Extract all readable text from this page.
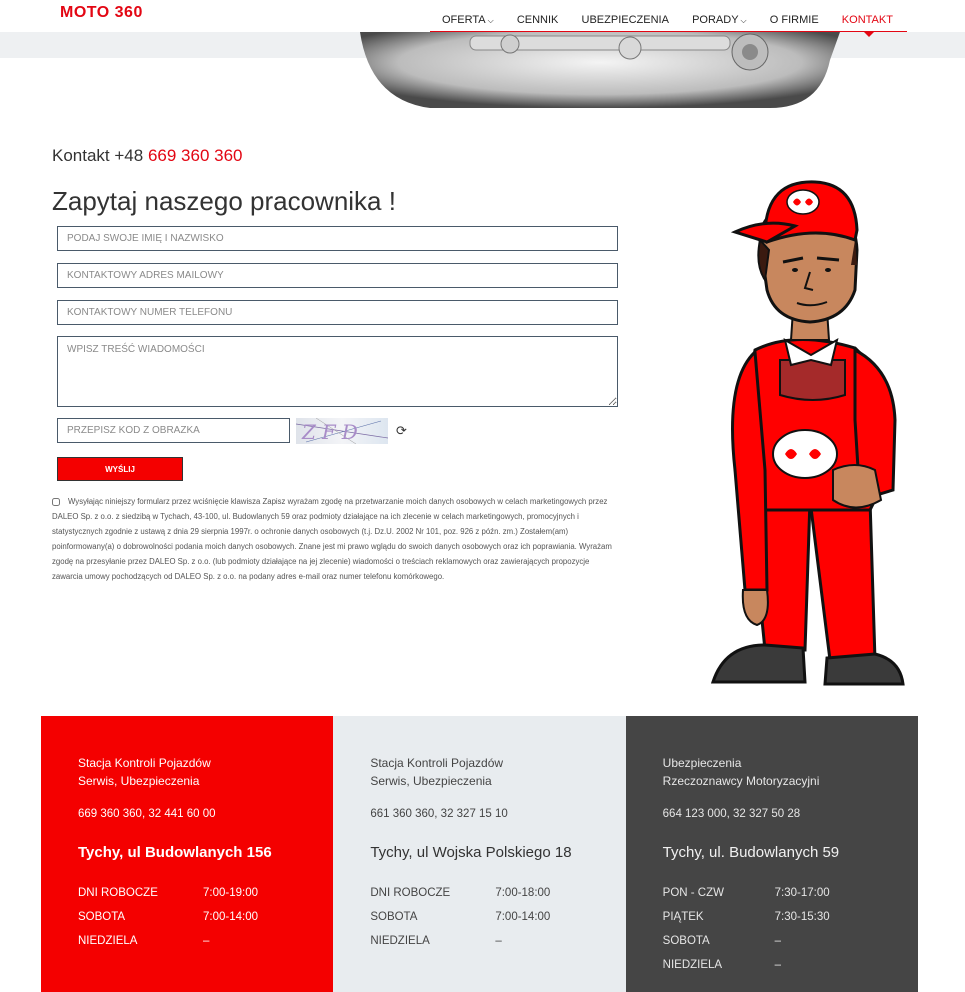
MOTO 360	OFERTA ⌵ CENNIK UBEZPIECZENIA PORADY ⌵ O FIRMIE KONTAKT
Kontakt +48 669 360 360
Zapytaj naszego pracownika !
PODAJ SWOJE IMIĘ I NAZWISKO
KONTAKTOWY ADRES MAILOWY
KONTAKTOWY NUMER TELEFONU
WPISZ TREŚĆ WIADOMOŚCI
PRZEPISZ KOD Z OBRAZKA
ZFD ⟳
WYŚLIJ
Wysyłając niniejszy formularz przez wciśnięcie klawisza Zapisz wyrażam zgodę na przetwarzanie moich danych osobowych w celach marketingowych przez DALEO Sp. z o.o. z siedzibą w Tychach, 43-100, ul. Budowlanych 59 oraz podmioty działające na ich zlecenie w celach marketingowych, promocyjnych i statystycznych zgodnie z ustawą z dnia 29 sierpnia 1997r. o ochronie danych osobowych (t.j. Dz.U. 2002 Nr 101, poz. 926 z późn. zm.) Zostałem(am) poinformowany(a) o dobrowolności podania moich danych osobowych. Znane jest mi prawo wglądu do swoich danych osobowych oraz ich poprawiania. Wyrażam zgodę na przesyłanie przez DALEO Sp. z o.o. (lub podmioty działające na jej zlecenie) wiadomości o treściach reklamowych oraz zawierających propozycje zawarcia umowy pochodzących od DALEO Sp. z o.o. na podany adres e-mail oraz numer telefonu komórkowego.
Stacja Kontroli Pojazdów
Serwis, Ubezpieczenia
669 360 360, 32 441 60 00
Tychy, ul Budowlanych 156
DNI ROBOCZE	7:00-19:00
SOBOTA	7:00-14:00
NIEDZIELA	–
Stacja Kontroli Pojazdów
Serwis, Ubezpieczenia
661 360 360, 32 327 15 10
Tychy, ul Wojska Polskiego 18
DNI ROBOCZE	7:00-18:00
SOBOTA	7:00-14:00
NIEDZIELA	–
Ubezpieczenia
Rzeczoznawcy Motoryzacyjni
664 123 000, 32 327 50 28
Tychy, ul. Budowlanych 59
PON - CZW	7:30-17:00
PIĄTEK	7:30-15:30
SOBOTA	–
NIEDZIELA	–
